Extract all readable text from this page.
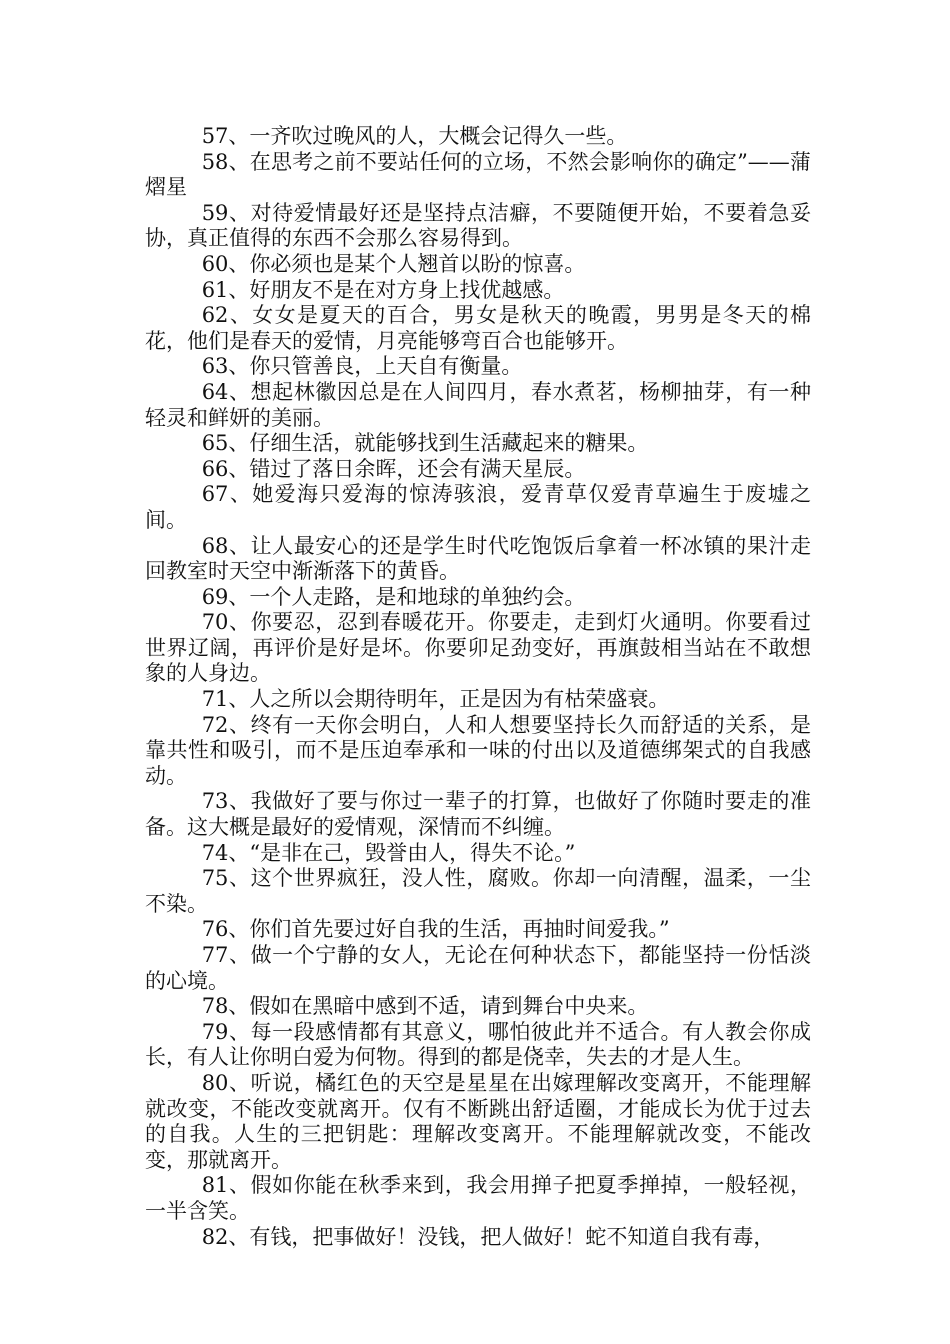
57、一齐吹过晚风的人，大概会记得久一些。

58、在思考之前不要站任何的立场，不然会影响你的确定”——蒲熠星

59、对待爱情最好还是坚持点洁癖，不要随便开始，不要着急妥协，真正值得的东西不会那么容易得到。

60、你必须也是某个人翘首以盼的惊喜。

61、好朋友不是在对方身上找优越感。

62、女女是夏天的百合，男女是秋天的晚霞，男男是冬天的棉花，他们是春天的爱情，月亮能够弯百合也能够开。

63、你只管善良，上天自有衡量。

64、想起林徽因总是在人间四月，春水煮茗，杨柳抽芽，有一种轻灵和鲜妍的美丽。

65、仔细生活，就能够找到生活藏起来的糖果。

66、错过了落日余晖，还会有满天星辰。

67、她爱海只爱海的惊涛骇浪，爱青草仅爱青草遍生于废墟之间。

68、让人最安心的还是学生时代吃饱饭后拿着一杯冰镇的果汁走回教室时天空中渐渐落下的黄昏。

69、一个人走路，是和地球的单独约会。

70、你要忍，忍到春暖花开。你要走，走到灯火通明。你要看过世界辽阔，再评价是好是坏。你要卯足劲变好，再旗鼓相当站在不敢想象的人身边。

71、人之所以会期待明年，正是因为有枯荣盛衰。

72、终有一天你会明白，人和人想要坚持长久而舒适的关系，是靠共性和吸引，而不是压迫奉承和一味的付出以及道德绑架式的自我感动。

73、我做好了要与你过一辈子的打算，也做好了你随时要走的准备。这大概是最好的爱情观，深情而不纠缠。

74、“是非在己，毁誉由人，得失不论。”

75、这个世界疯狂，没人性，腐败。你却一向清醒，温柔，一尘不染。

76、你们首先要过好自我的生活，再抽时间爱我。”

77、做一个宁静的女人，无论在何种状态下，都能坚持一份恬淡的心境。

78、假如在黑暗中感到不适，请到舞台中央来。

79、每一段感情都有其意义，哪怕彼此并不适合。有人教会你成长，有人让你明白爱为何物。得到的都是侥幸，失去的才是人生。

80、听说，橘红色的天空是星星在出嫁理解改变离开，不能理解就改变，不能改变就离开。仅有不断跳出舒适圈，才能成长为优于过去的自我。人生的三把钥匙：理解改变离开。不能理解就改变，不能改变，那就离开。

81、假如你能在秋季来到，我会用掸子把夏季掸掉，一般轻视，一半含笑。

82、有钱，把事做好！没钱，把人做好！蛇不知道自我有毒，
